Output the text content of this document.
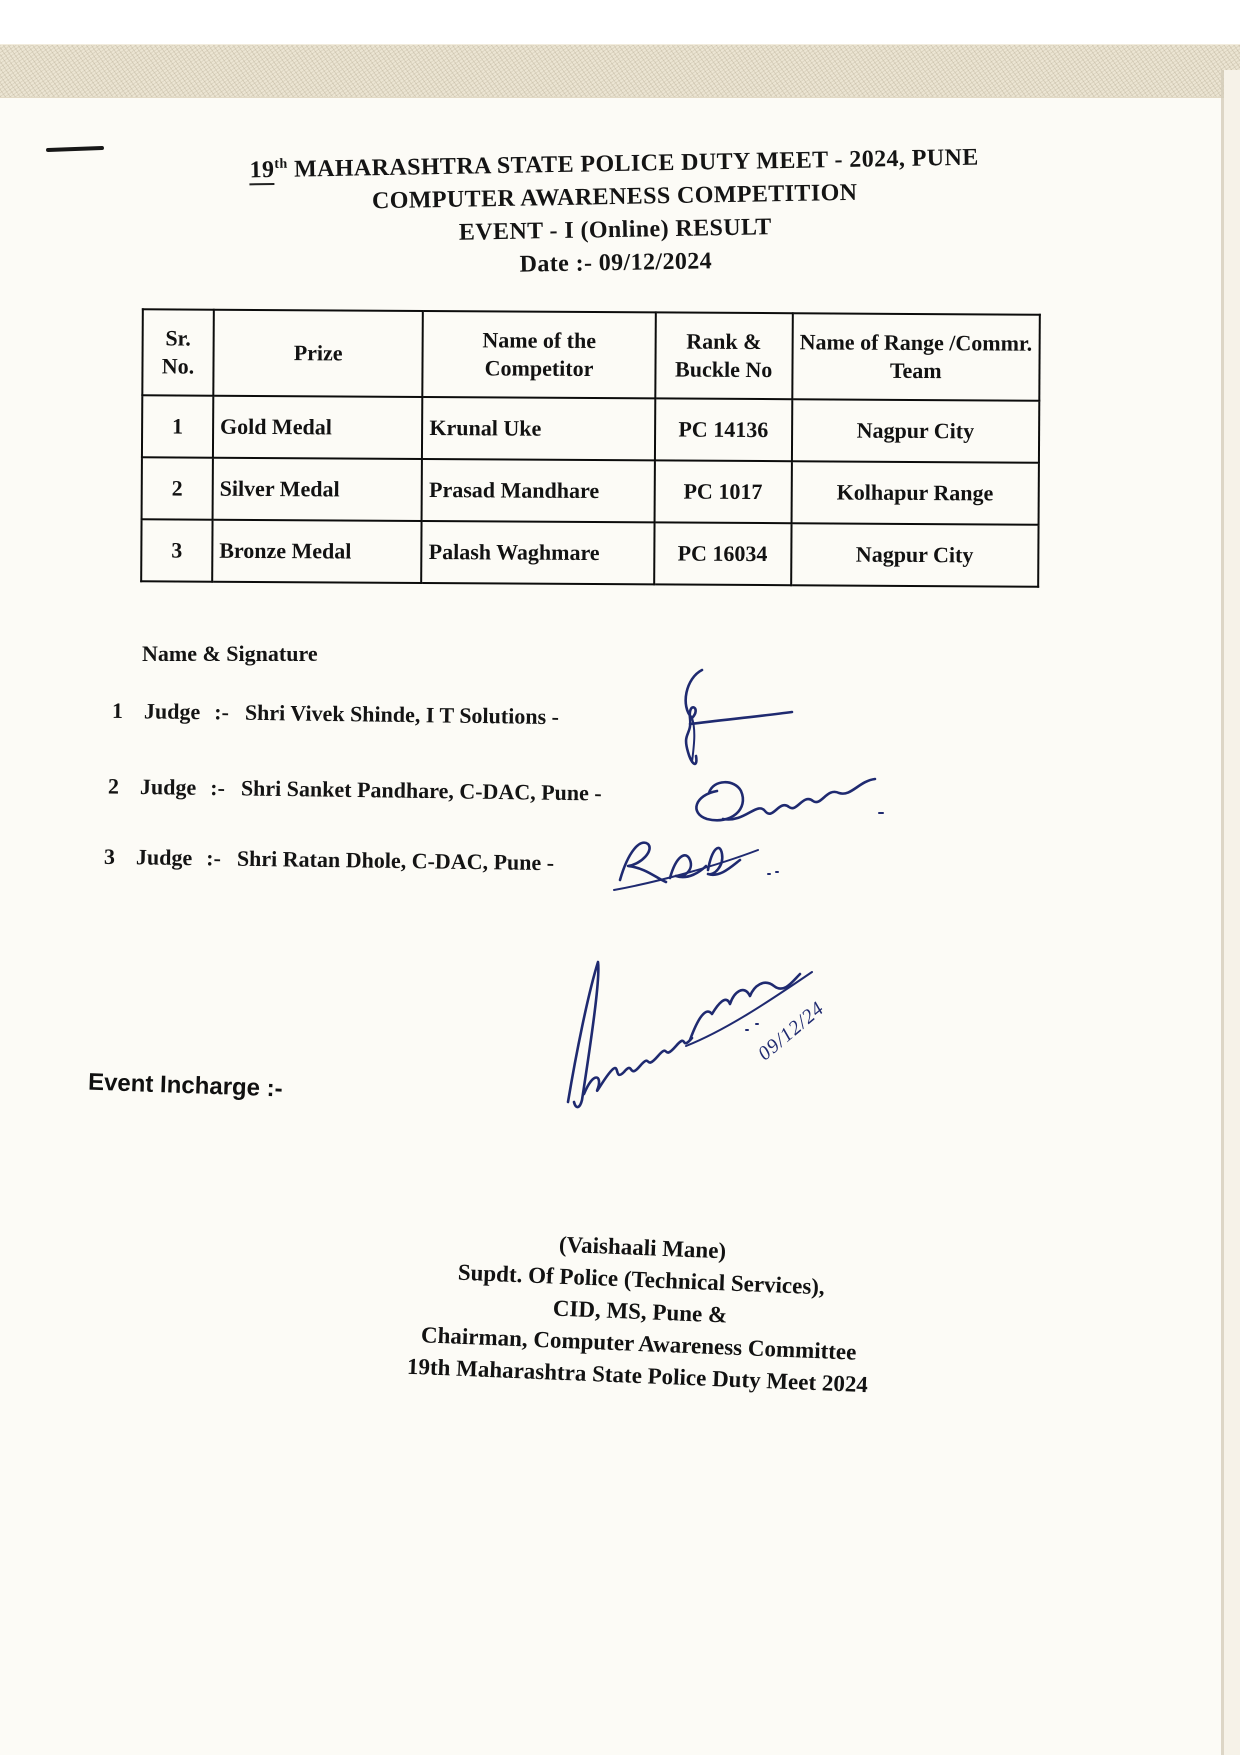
19th MAHARASHTRA STATE POLICE DUTY MEET - 2024, PUNE
COMPUTER AWARENESS COMPETITION
EVENT - I (Online) RESULT
Date :- 09/12/2024
Sr. No.	Prize	Name of the Competitor	Rank & Buckle No	Name of Range /Commr. Team
1	Gold Medal	Krunal Uke	PC 14136	Nagpur City
2	Silver Medal	Prasad Mandhare	PC 1017	Kolhapur Range
3	Bronze Medal	Palash Waghmare	PC 16034	Nagpur City
Name & Signature
1 Judge :- Shri Vivek Shinde, I T Solutions -
2 Judge :- Shri Sanket Pandhare, C-DAC, Pune -
3 Judge :- Shri Ratan Dhole, C-DAC, Pune -
Event Incharge :-
09/12/24
(Vaishaali Mane)
Supdt. Of Police (Technical Services),
CID, MS, Pune &
Chairman, Computer Awareness Committee
19th Maharashtra State Police Duty Meet 2024
